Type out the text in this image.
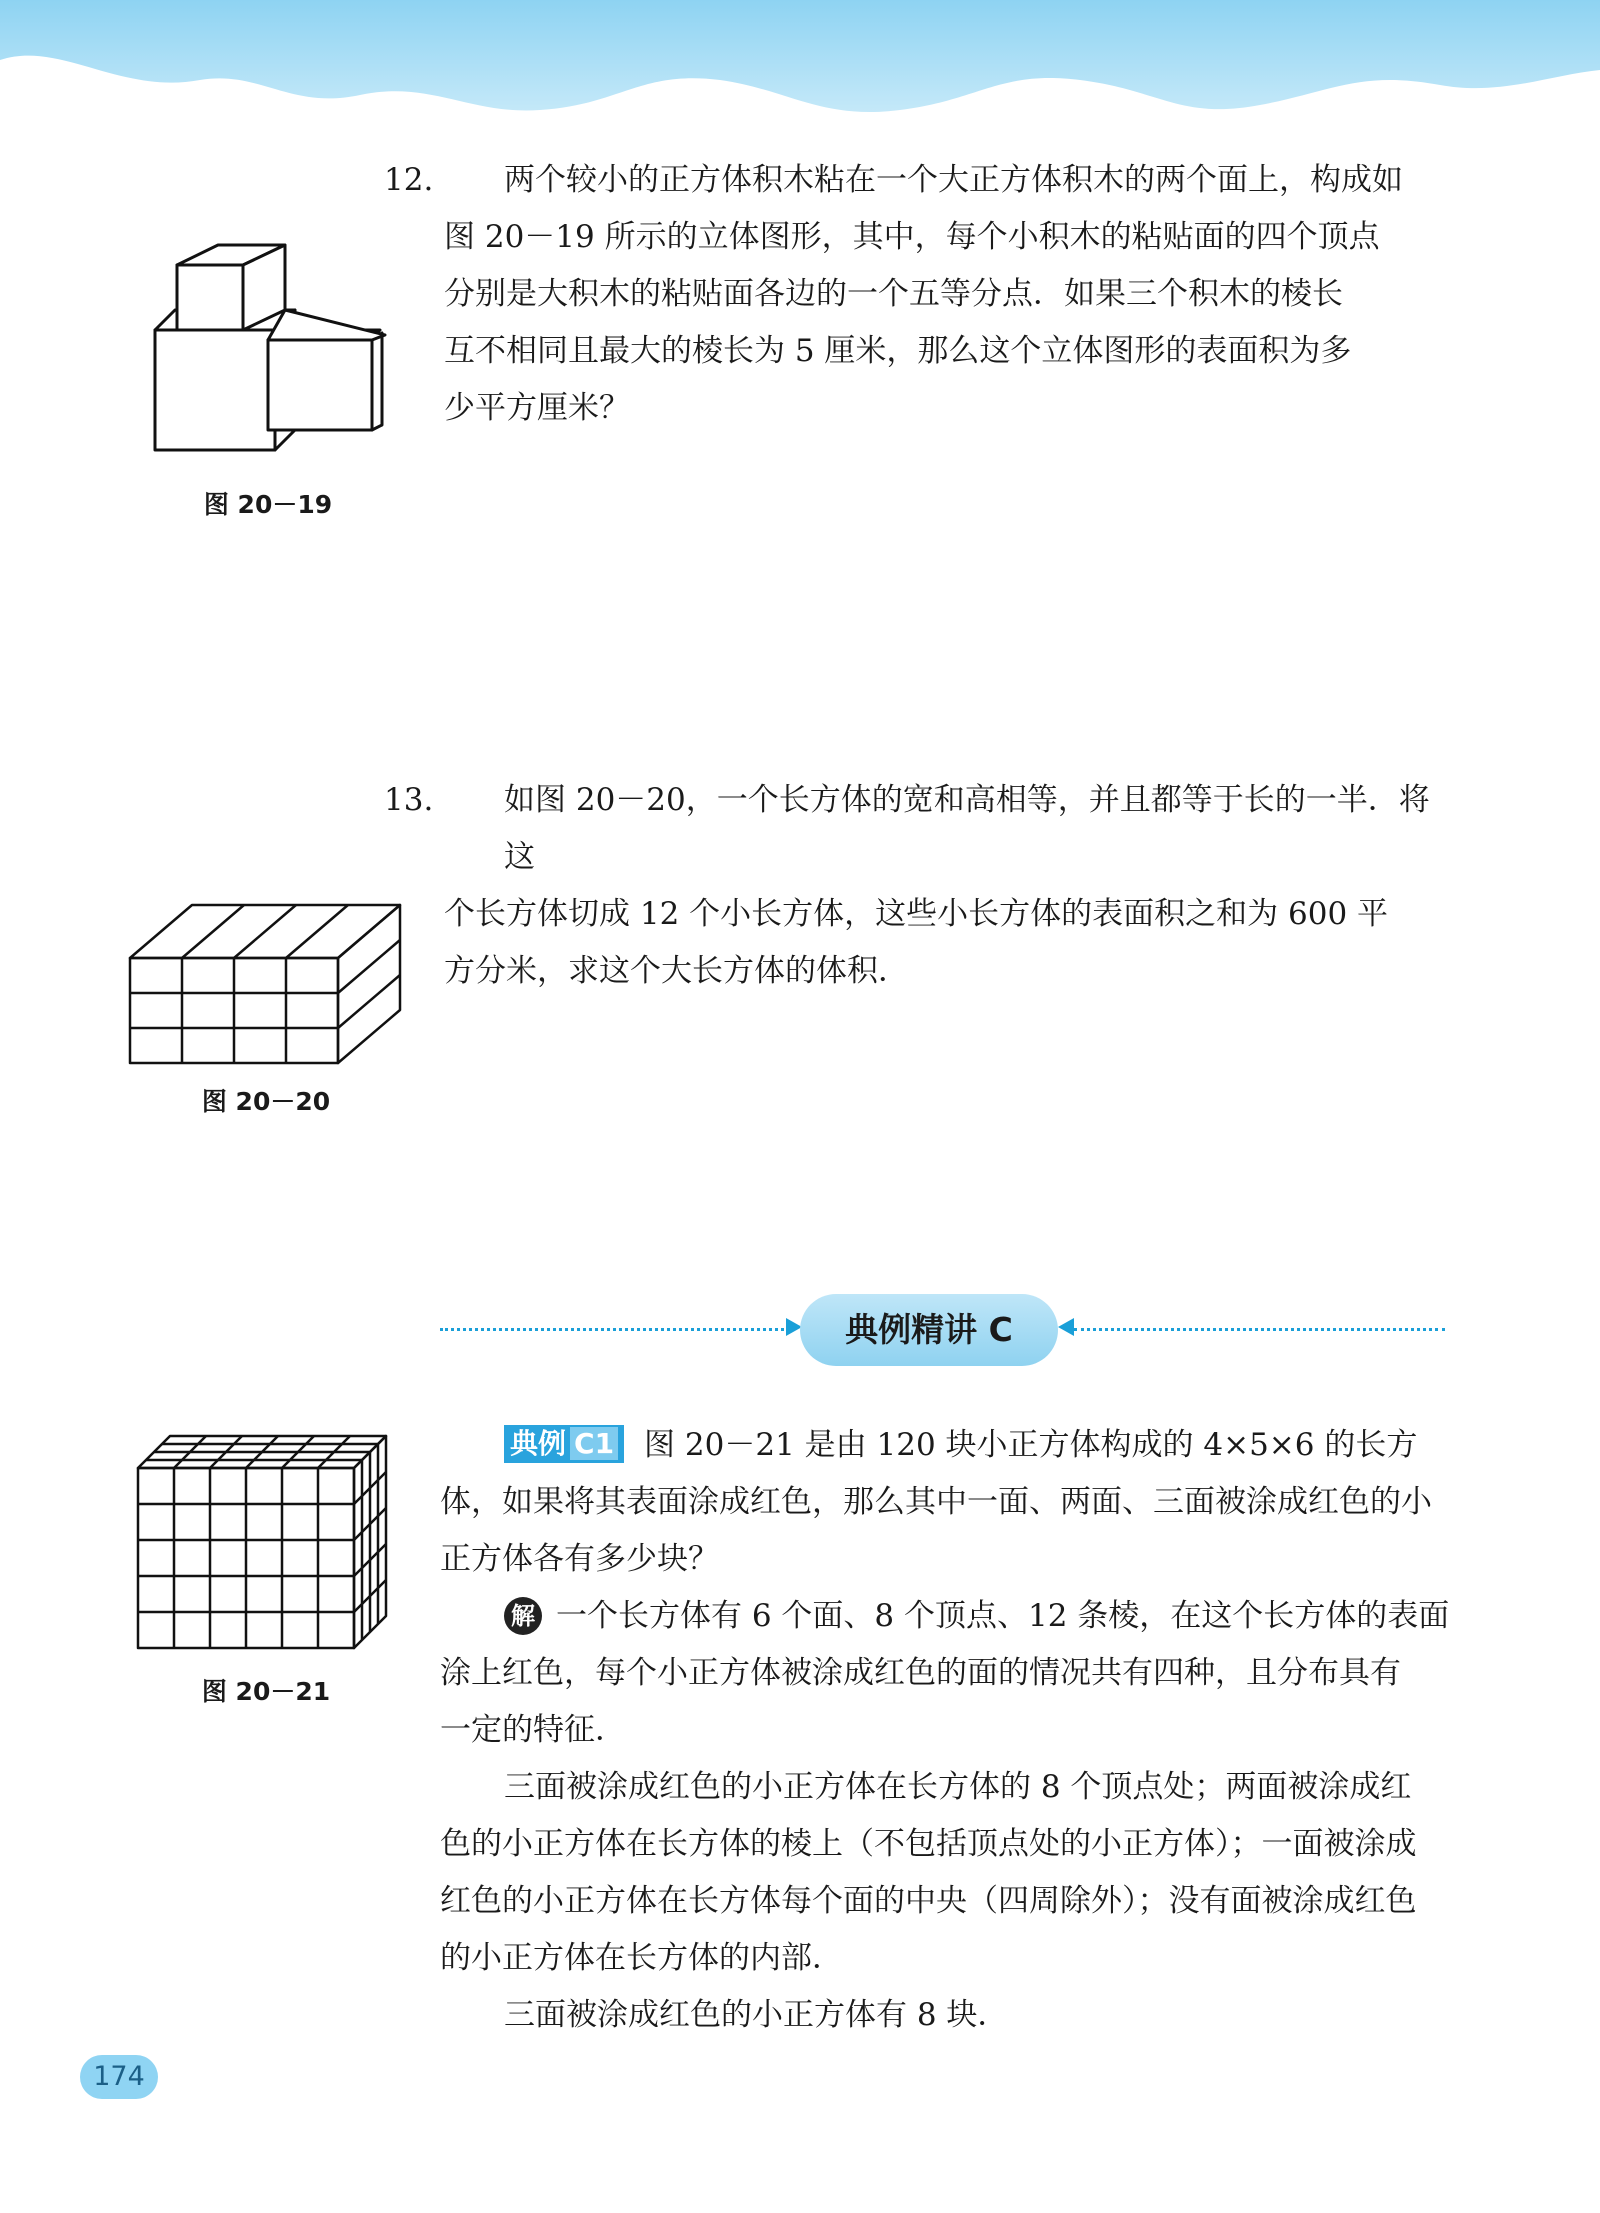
12. 两个较小的正方体积木粘在一个大正方体积木的两个面上，构成如

图 20－19 所示的立体图形，其中，每个小积木的粘贴面的四个顶点

分别是大积木的粘贴面各边的一个五等分点．如果三个积木的棱长

互不相同且最大的棱长为 5 厘米，那么这个立体图形的表面积为多

少平方厘米？

图 20－19

13. 如图 20－20，一个长方体的宽和高相等，并且都等于长的一半．将这

个长方体切成 12 个小长方体，这些小长方体的表面积之和为 600 平

方分米，求这个大长方体的体积．

图 20－20
典例精讲 C
图 20－21

典例 C1 图 20－21 是由 120 块小正方体构成的 4×5×6 的长方

体，如果将其表面涂成红色，那么其中一面、两面、三面被涂成红色的小

正方体各有多少块？

解 一个长方体有 6 个面、8 个顶点、12 条棱，在这个长方体的表面

涂上红色，每个小正方体被涂成红色的面的情况共有四种，且分布具有

一定的特征．

三面被涂成红色的小正方体在长方体的 8 个顶点处；两面被涂成红

色的小正方体在长方体的棱上（不包括顶点处的小正方体）；一面被涂成

红色的小正方体在长方体每个面的中央（四周除外）；没有面被涂成红色

的小正方体在长方体的内部．

三面被涂成红色的小正方体有 8 块．

174
